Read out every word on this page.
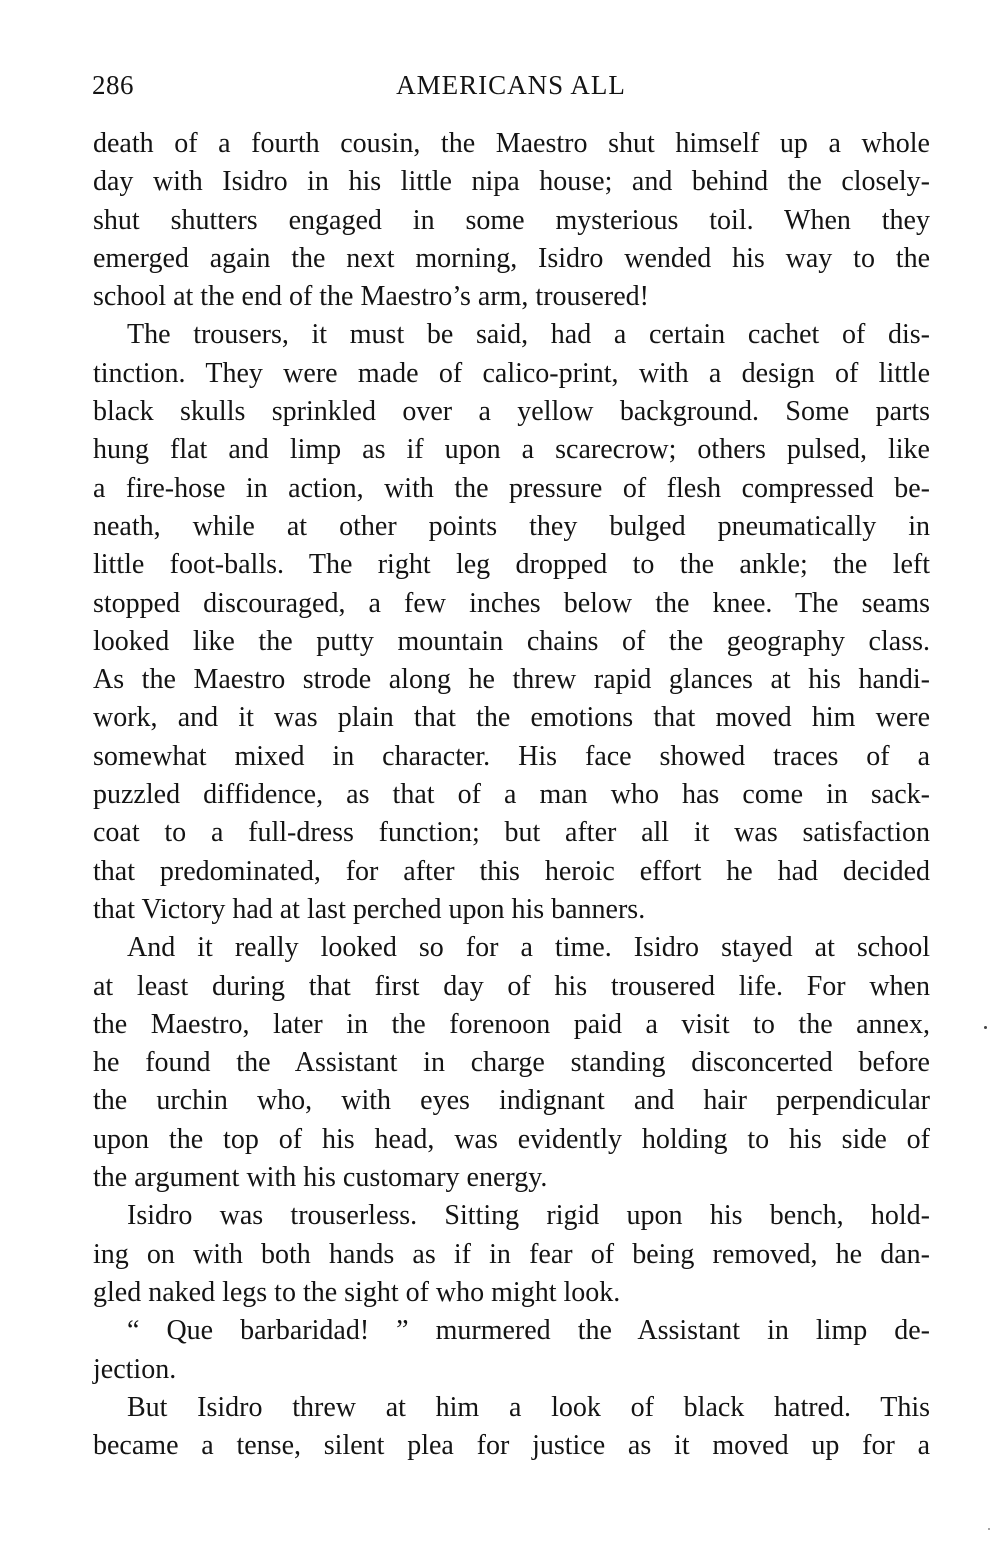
286	AMERICANS ALL
death of a fourth cousin, the Maestro shut himself up a whole
day with Isidro in his little nipa house; and behind the closely-
shut shutters engaged in some mysterious toil. When they
emerged again the next morning, Isidro wended his way to the
school at the end of the Maestro’s arm, trousered!
The trousers, it must be said, had a certain cachet of dis-
tinction. They were made of calico-print, with a design of little
black skulls sprinkled over a yellow background. Some parts
hung flat and limp as if upon a scarecrow; others pulsed, like
a fire-hose in action, with the pressure of flesh compressed be-
neath, while at other points they bulged pneumatically in
little foot-balls. The right leg dropped to the ankle; the left
stopped discouraged, a few inches below the knee. The seams
looked like the putty mountain chains of the geography class.
As the Maestro strode along he threw rapid glances at his handi-
work, and it was plain that the emotions that moved him were
somewhat mixed in character. His face showed traces of a
puzzled diffidence, as that of a man who has come in sack-
coat to a full-dress function; but after all it was satisfaction
that predominated, for after this heroic effort he had decided
that Victory had at last perched upon his banners.
And it really looked so for a time. Isidro stayed at school
at least during that first day of his trousered life. For when
the Maestro, later in the forenoon paid a visit to the annex,
he found the Assistant in charge standing disconcerted before
the urchin who, with eyes indignant and hair perpendicular
upon the top of his head, was evidently holding to his side of
the argument with his customary energy.
Isidro was trouserless. Sitting rigid upon his bench, hold-
ing on with both hands as if in fear of being removed, he dan-
gled naked legs to the sight of who might look.
“ Que barbaridad! ” murmered the Assistant in limp de-
jection.
But Isidro threw at him a look of black hatred. This
became a tense, silent plea for justice as it moved up for a
